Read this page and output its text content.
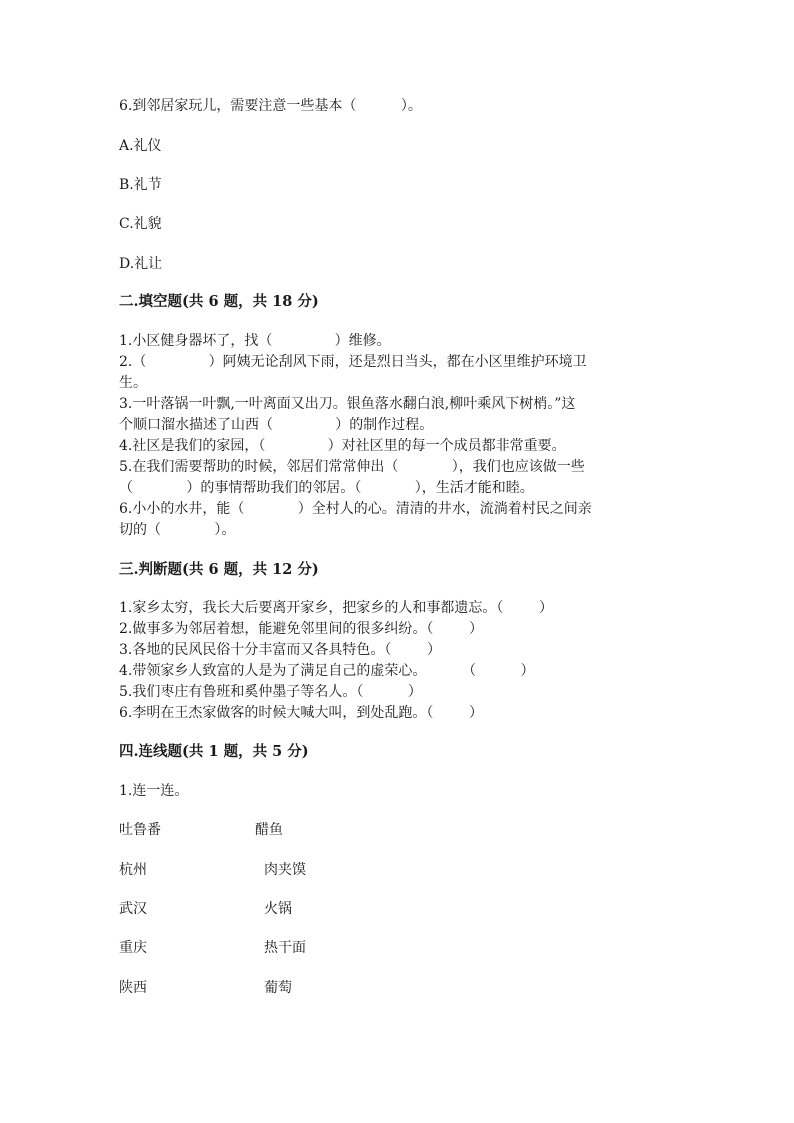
6.到邻居家玩儿，需要注意一些基本（          ）。
A.礼仪
B.礼节
C.礼貌
D.礼让
二.填空题(共 6 题，共 18 分)
1.小区健身器坏了，找（              ）维修。
2.（              ）阿姨无论刮风下雨，还是烈日当头，都在小区里维护环境卫
生。
3.一叶落锅一叶飘,一叶离面又出刀。银鱼落水翻白浪,柳叶乘风下树梢。”这
个顺口溜水描述了山西（              ）的制作过程。
4.社区是我们的家园，（              ）对社区里的每一个成员都非常重要。
5.在我们需要帮助的时候，邻居们常常伸出（            ），我们也应该做一些
（            ）的事情帮助我们的邻居。（            ），生活才能和睦。
6.小小的水井，能（            ）全村人的心。清清的井水，流淌着村民之间亲
切的（            ）。
三.判断题(共 6 题，共 12 分)
1.家乡太穷，我长大后要离开家乡，把家乡的人和事都遗忘。（        ）
2.做事多为邻居着想，能避免邻里间的很多纠纷。（        ）
3.各地的民风民俗十分丰富而又各具特色。（        ）
4.带领家乡人致富的人是为了满足自己的虚荣心。        （          ）
5.我们枣庄有鲁班和奚仲墨子等名人。（          ）
6.李明在王杰家做客的时候大喊大叫，到处乱跑。（        ）
四.连线题(共 1 题，共 5 分)
1.连一连。
吐鲁番	醋鱼
杭州	肉夹馍
武汉	火锅
重庆	热干面
陕西	葡萄
